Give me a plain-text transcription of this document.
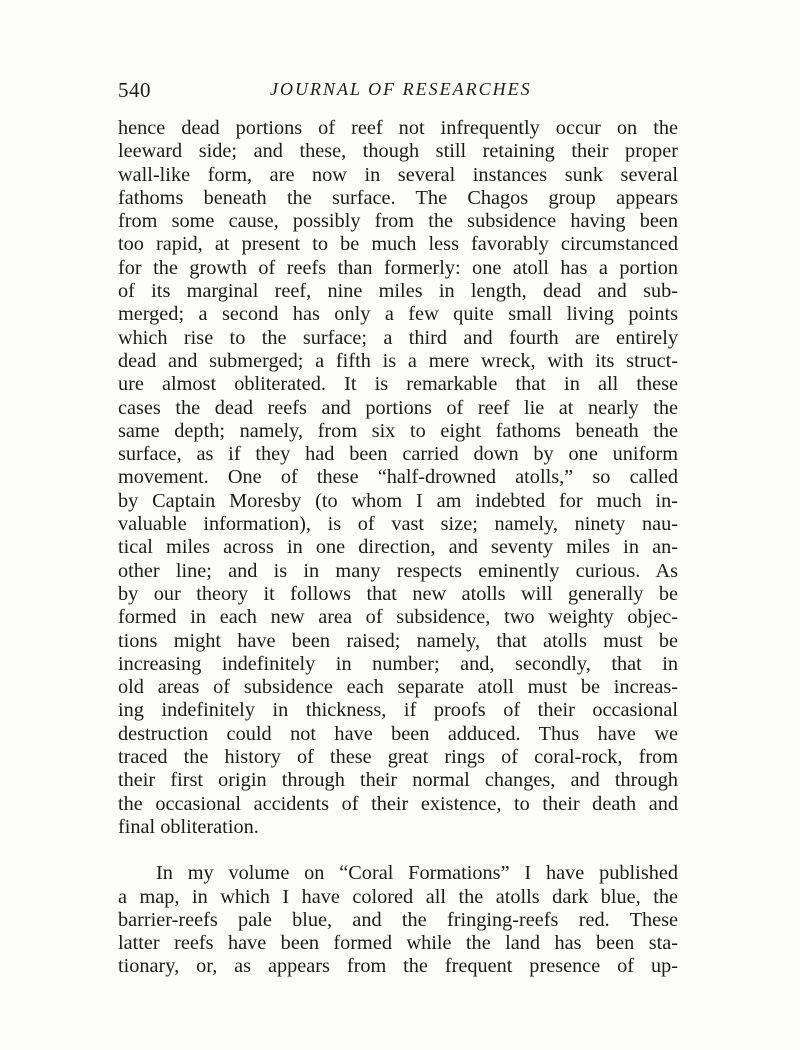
540	JOURNAL OF RESEARCHES
hence dead portions of reef not infrequently occur on the
leeward side; and these, though still retaining their proper
wall-like form, are now in several instances sunk several
fathoms beneath the surface. The Chagos group appears
from some cause, possibly from the subsidence having been
too rapid, at present to be much less favorably circumstanced
for the growth of reefs than formerly: one atoll has a portion
of its marginal reef, nine miles in length, dead and sub-
merged; a second has only a few quite small living points
which rise to the surface; a third and fourth are entirely
dead and submerged; a fifth is a mere wreck, with its struct-
ure almost obliterated. It is remarkable that in all these
cases the dead reefs and portions of reef lie at nearly the
same depth; namely, from six to eight fathoms beneath the
surface, as if they had been carried down by one uniform
movement. One of these “half-drowned atolls,” so called
by Captain Moresby (to whom I am indebted for much in-
valuable information), is of vast size; namely, ninety nau-
tical miles across in one direction, and seventy miles in an-
other line; and is in many respects eminently curious. As
by our theory it follows that new atolls will generally be
formed in each new area of subsidence, two weighty objec-
tions might have been raised; namely, that atolls must be
increasing indefinitely in number; and, secondly, that in
old areas of subsidence each separate atoll must be increas-
ing indefinitely in thickness, if proofs of their occasional
destruction could not have been adduced. Thus have we
traced the history of these great rings of coral-rock, from
their first origin through their normal changes, and through
the occasional accidents of their existence, to their death and
final obliteration.
In my volume on “Coral Formations” I have published
a map, in which I have colored all the atolls dark blue, the
barrier-reefs pale blue, and the fringing-reefs red. These
latter reefs have been formed while the land has been sta-
tionary, or, as appears from the frequent presence of up-
